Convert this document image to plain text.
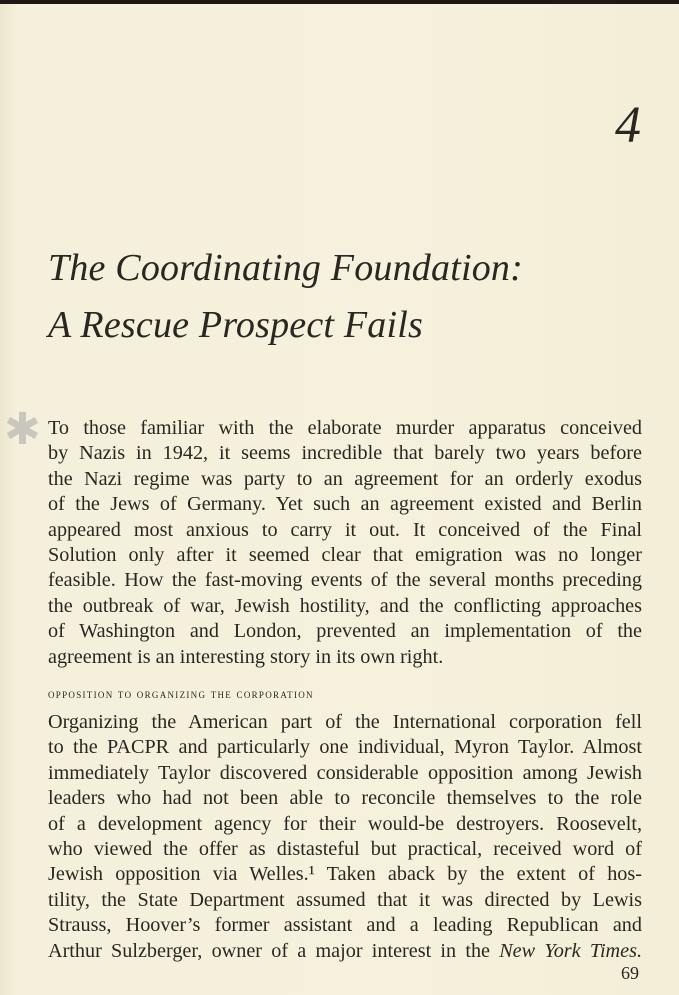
4
The Coordinating Foundation:
A Rescue Prospect Fails
✱ To those familiar with the elaborate murder apparatus conceived
by Nazis in 1942, it seems incredible that barely two years before
the Nazi regime was party to an agreement for an orderly exodus
of the Jews of Germany. Yet such an agreement existed and Berlin
appeared most anxious to carry it out. It conceived of the Final
Solution only after it seemed clear that emigration was no longer
feasible. How the fast-moving events of the several months preceding
the outbreak of war, Jewish hostility, and the conflicting approaches
of Washington and London, prevented an implementation of the
agreement is an interesting story in its own right.
opposition to organizing the corporation
Organizing the American part of the International corporation fell
to the PACPR and particularly one individual, Myron Taylor. Almost
immediately Taylor discovered considerable opposition among Jewish
leaders who had not been able to reconcile themselves to the role
of a development agency for their would-be destroyers. Roosevelt,
who viewed the offer as distasteful but practical, received word of
Jewish opposition via Welles.¹ Taken aback by the extent of hos-
tility, the State Department assumed that it was directed by Lewis
Strauss, Hoover’s former assistant and a leading Republican and
Arthur Sulzberger, owner of a major interest in the New York Times.
69
